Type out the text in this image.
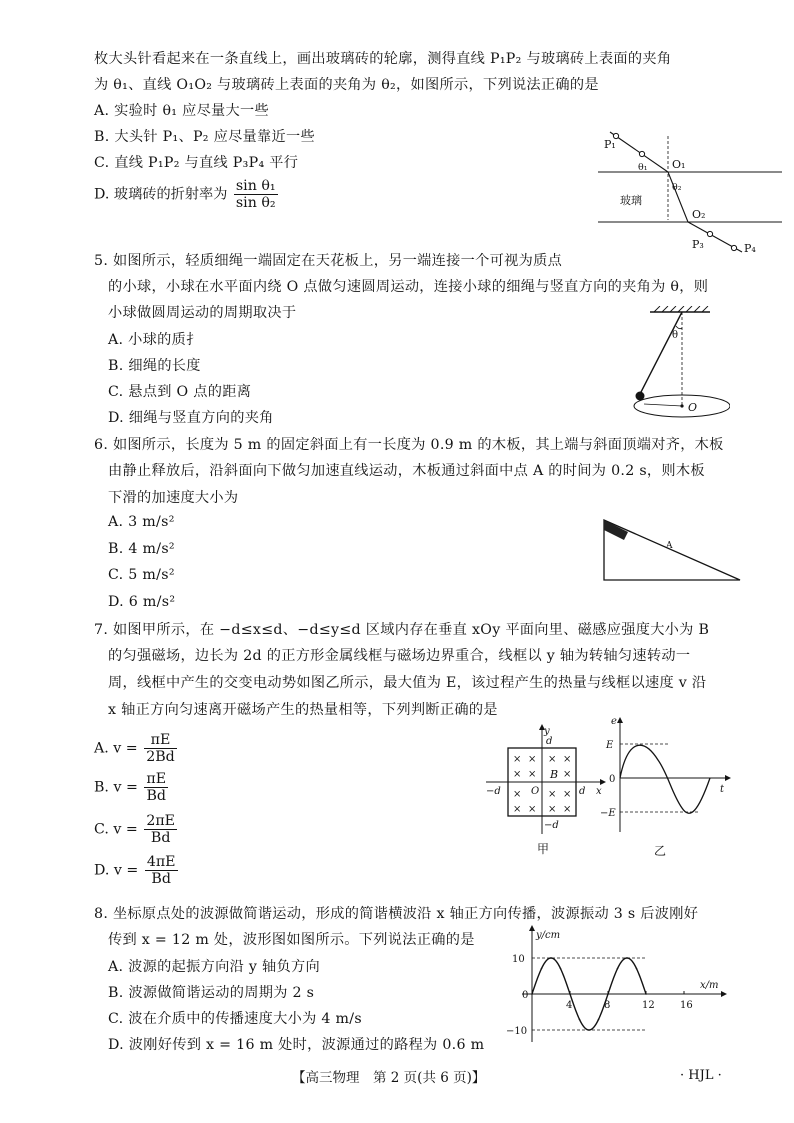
枚大头针看起来在一条直线上，画出玻璃砖的轮廓，测得直线 P₁P₂ 与玻璃砖上表面的夹角
为 θ₁、直线 O₁O₂ 与玻璃砖上表面的夹角为 θ₂，如图所示，下列说法正确的是
A. 实验时 θ₁ 应尽量大一些
B. 大头针 P₁、P₂ 应尽量靠近一些
C. 直线 P₁P₂ 与直线 P₃P₄ 平行
D. 玻璃砖的折射率为 $\frac{\text{sin θ₁}}{\text{sin θ₂}}$
P₁
θ₁ O₁
θ₂
玻璃
O₂
P₃	P₄
5. 如图所示，轻质细绳一端固定在天花板上，另一端连接一个可视为质点
的小球，小球在水平面内绕 O 点做匀速圆周运动，连接小球的细绳与竖直方向的夹角为 θ，则
小球做圆周运动的周期取决于
A. 小球的质扌
B. 细绳的长度
C. 悬点到 O 点的距离
D. 细绳与竖直方向的夹角
θ
O
6. 如图所示，长度为 5 m 的固定斜面上有一长度为 0.9 m 的木板，其上端与斜面顶端对齐，木板
由静止释放后，沿斜面向下做匀加速直线运动，木板通过斜面中点 A 的时间为 0.2 s，则木板
下滑的加速度大小为
A. 3 m/s²
B. 4 m/s²
C. 5 m/s²
D. 6 m/s²
A
7. 如图甲所示，在 −d≤x≤d、−d≤y≤d 区域内存在垂直 xOy 平面向里、磁感应强度大小为 B
的匀强磁场，边长为 2d 的正方形金属线框与磁场边界重合，线框以 y 轴为转轴匀速转动一
周，线框中产生的交变电动势如图乙所示，最大值为 E，该过程产生的热量与线框以速度 v 沿
x 轴正方向匀速离开磁场产生的热量相等，下列判断正确的是
A. $v = \frac{\pi E}{2Bd}$
B. $v = \frac{\pi E}{Bd}$
C. $v = \frac{2\pi E}{Bd}$
D. $v = \frac{4\pi E}{Bd}$
× × × ×
× ×	×
×	× ×
× × × ×
y
d
B
−d	O	d x
−d
甲
e
E
0
t
−E
乙
8. 坐标原点处的波源做简谐运动，形成的简谐横波沿 x 轴正方向传播，波源振动 3 s 后波刚好
传到 x = 12 m 处，波形图如图所示。下列说法正确的是
A. 波源的起振方向沿 y 轴负方向
B. 波源做简谐运动的周期为 2 s
C. 波在介质中的传播速度大小为 4 m/s
D. 波刚好传到 x = 16 m 处时，波源通过的路程为 0.6 m
y/cm
x/m
4	8	12	16
10
0
−10
【高三物理　第 2 页(共 6 页)】	· HJL ·
